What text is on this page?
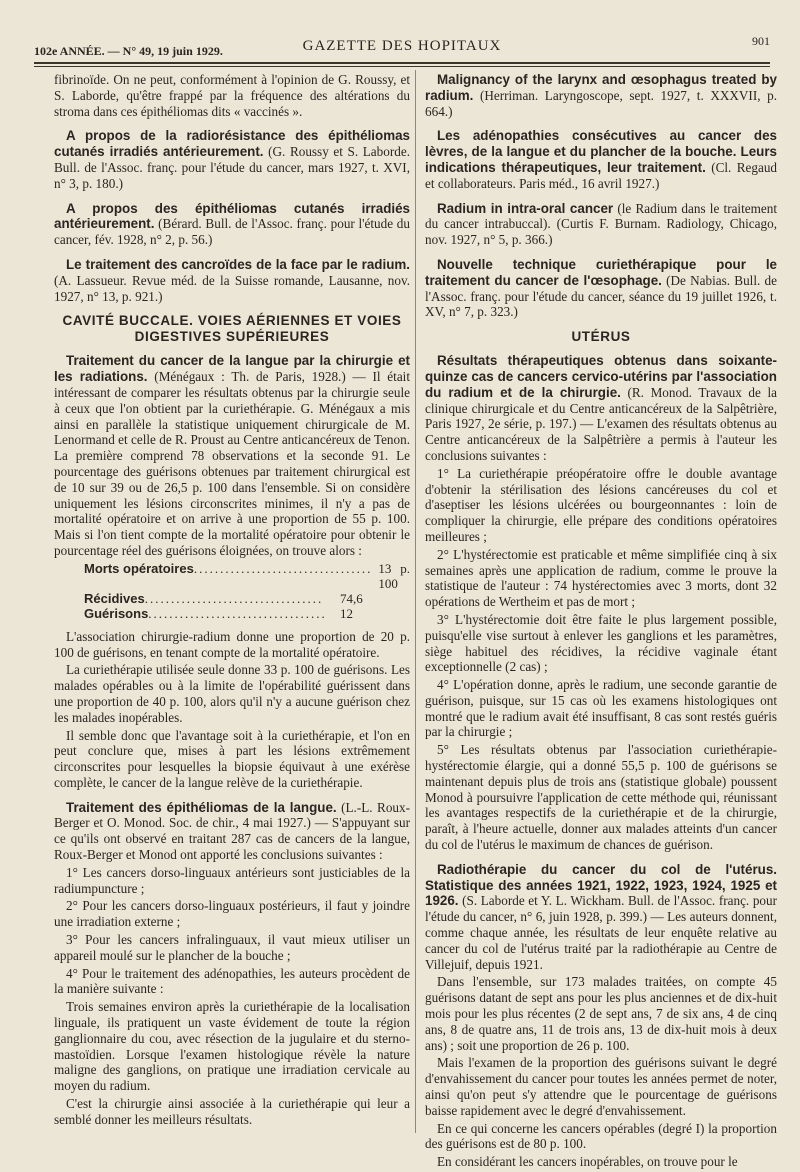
102e ANNÉE. — N° 49, 19 juin 1929.	GAZETTE DES HOPITAUX	901

fibrinoïde. On ne peut, conformément à l'opinion de G. Roussy, et S. Laborde, qu'être frappé par la fréquence des altérations du stroma dans ces épithéliomas dits « vaccinés ».

A propos de la radiorésistance des épithéliomas cutanés irradiés antérieurement. (G. Roussy et S. Laborde. Bull. de l'Assoc. franç. pour l'étude du cancer, mars 1927, t. XVI, n° 3, p. 180.)

A propos des épithéliomas cutanés irradiés antérieurement. (Bérard. Bull. de l'Assoc. franç. pour l'étude du cancer, fév. 1928, n° 2, p. 56.)

Le traitement des cancroïdes de la face par le radium. (A. Lassueur. Revue méd. de la Suisse romande, Lausanne, nov. 1927, n° 13, p. 921.)

CAVITÉ BUCCALE. VOIES AÉRIENNES ET VOIES DIGESTIVES SUPÉRIEURES

Traitement du cancer de la langue par la chirurgie et les radiations. (Ménégaux : Th. de Paris, 1928.) — Il était intéressant de comparer les résultats obtenus par la chirurgie seule à ceux que l'on obtient par la curiethérapie. G. Ménégaux a mis ainsi en parallèle la statistique uniquement chirurgicale de M. Lenormand et celle de R. Proust au Centre anticancéreux de Tenon. La première comprend 78 observations et la seconde 91. Le pourcentage des guérisons obtenues par traitement chirurgical est de 10 sur 39 ou de 26,5 p. 100 dans l'ensemble. Si on considère uniquement les lésions circonscrites minimes, il n'y a pas de mortalité opératoire et on arrive à une proportion de 55 p. 100. Mais si l'on tient compte de la mortalité opératoire pour obtenir le pourcentage réel des guérisons éloignées, on trouve alors :

Morts opératoires.................................. 13 p. 100
Récidives..................................	74,6
Guérisons..................................	12

L'association chirurgie-radium donne une proportion de 20 p. 100 de guérisons, en tenant compte de la mortalité opératoire.

La curiethérapie utilisée seule donne 33 p. 100 de guérisons. Les malades opérables ou à la limite de l'opérabilité guérissent dans une proportion de 40 p. 100, alors qu'il n'y a aucune guérison chez les malades inopérables.

Il semble donc que l'avantage soit à la curiethérapie, et l'on en peut conclure que, mises à part les lésions extrêmement circonscrites pour lesquelles la biopsie équivaut à une exérèse complète, le cancer de la langue relève de la curiethérapie.

Traitement des épithéliomas de la langue. (L.-L. Roux-Berger et O. Monod. Soc. de chir., 4 mai 1927.) — S'appuyant sur ce qu'ils ont observé en traitant 287 cas de cancers de la langue, Roux-Berger et Monod ont apporté les conclusions suivantes :

1° Les cancers dorso-linguaux antérieurs sont justiciables de la radiumpuncture ;

2° Pour les cancers dorso-linguaux postérieurs, il faut y joindre une irradiation externe ;

3° Pour les cancers infralinguaux, il vaut mieux utiliser un appareil moulé sur le plancher de la bouche ;

4° Pour le traitement des adénopathies, les auteurs procèdent de la manière suivante :

Trois semaines environ après la curiethérapie de la localisation linguale, ils pratiquent un vaste évidement de toute la région ganglionnaire du cou, avec résection de la jugulaire et du sterno-mastoïdien. Lorsque l'examen histologique révèle la nature maligne des ganglions, on pratique une irradiation cervicale au moyen du radium.

C'est la chirurgie ainsi associée à la curiethérapie qui leur a semblé donner les meilleurs résultats.

Malignancy of the larynx and œsophagus treated by radium. (Herriman. Laryngoscope, sept. 1927, t. XXXVII, p. 664.)

Les adénopathies consécutives au cancer des lèvres, de la langue et du plancher de la bouche. Leurs indications thérapeutiques, leur traitement. (Cl. Regaud et collaborateurs. Paris méd., 16 avril 1927.)

Radium in intra-oral cancer (le Radium dans le traitement du cancer intrabuccal). (Curtis F. Burnam. Radiology, Chicago, nov. 1927, n° 5, p. 366.)

Nouvelle technique curiethérapique pour le traitement du cancer de l'œsophage. (De Nabias. Bull. de l'Assoc. franç. pour l'étude du cancer, séance du 19 juillet 1926, t. XV, n° 7, p. 323.)

UTÉRUS

Résultats thérapeutiques obtenus dans soixante-quinze cas de cancers cervico-utérins par l'association du radium et de la chirurgie. (R. Monod. Travaux de la clinique chirurgicale et du Centre anticancéreux de la Salpêtrière, Paris 1927, 2e série, p. 197.) — L'examen des résultats obtenus au Centre anticancéreux de la Salpêtrière a permis à l'auteur les conclusions suivantes :

1° La curiethérapie préopératoire offre le double avantage d'obtenir la stérilisation des lésions cancéreuses du col et d'aseptiser les lésions ulcérées ou bourgeonnantes : loin de compliquer la chirurgie, elle prépare des conditions opératoires meilleures ;

2° L'hystérectomie est praticable et même simplifiée cinq à six semaines après une application de radium, comme le prouve la statistique de l'auteur : 74 hystérectomies avec 3 morts, dont 32 opérations de Wertheim et pas de mort ;

3° L'hystérectomie doit être faite le plus largement possible, puisqu'elle vise surtout à enlever les ganglions et les paramètres, siège habituel des récidives, la récidive vaginale étant exceptionnelle (2 cas) ;

4° L'opération donne, après le radium, une seconde garantie de guérison, puisque, sur 15 cas où les examens histologiques ont montré que le radium avait été insuffisant, 8 cas sont restés guéris par la chirurgie ;

5° Les résultats obtenus par l'association curiethérapie-hystérectomie élargie, qui a donné 55,5 p. 100 de guérisons se maintenant depuis plus de trois ans (statistique globale) poussent Monod à poursuivre l'application de cette méthode qui, réunissant les avantages respectifs de la curiethérapie et de la chirurgie, paraît, à l'heure actuelle, donner aux malades atteints d'un cancer du col de l'utérus le maximum de chances de guérison.

Radiothérapie du cancer du col de l'utérus. Statistique des années 1921, 1922, 1923, 1924, 1925 et 1926. (S. Laborde et Y. L. Wickham. Bull. de l'Assoc. franç. pour l'étude du cancer, n° 6, juin 1928, p. 399.) — Les auteurs donnent, comme chaque année, les résultats de leur enquête relative au cancer du col de l'utérus traité par la radiothérapie au Centre de Villejuif, depuis 1921.

Dans l'ensemble, sur 173 malades traitées, on compte 45 guérisons datant de sept ans pour les plus anciennes et de dix-huit mois pour les plus récentes (2 de sept ans, 7 de six ans, 4 de cinq ans, 8 de quatre ans, 11 de trois ans, 13 de dix-huit mois à deux ans) ; soit une proportion de 26 p. 100.

Mais l'examen de la proportion des guérisons suivant le degré d'envahissement du cancer pour toutes les années permet de noter, ainsi qu'on peut s'y attendre que le pourcentage de guérisons baisse rapidement avec le degré d'envahissement.

En ce qui concerne les cancers opérables (degré I) la proportion des guérisons est de 80 p. 100.

En considérant les cancers inopérables, on trouve pour le
